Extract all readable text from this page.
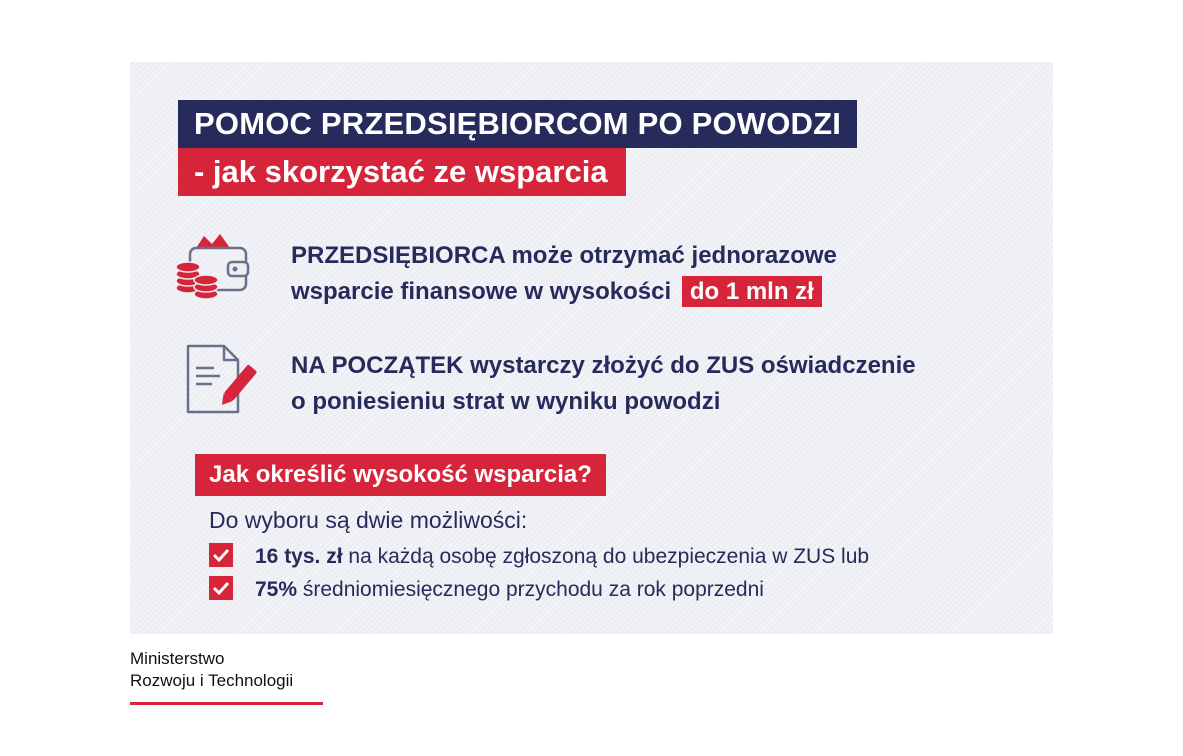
POMOC PRZEDSIĘBIORCOM PO POWODZI
- jak skorzystać ze wsparcia
PRZEDSIĘBIORCA może otrzymać jednorazowe
wsparcie finansowe w wysokości do 1 mln zł
NA POCZĄTEK wystarczy złożyć do ZUS oświadczenie
o poniesieniu strat w wyniku powodzi
Jak określić wysokość wsparcia?
Do wyboru są dwie możliwości:
16 tys. zł na każdą osobę zgłoszoną do ubezpieczenia w ZUS lub
75% średniomiesięcznego przychodu za rok poprzedni
Ministerstwo
Rozwoju i Technologii
